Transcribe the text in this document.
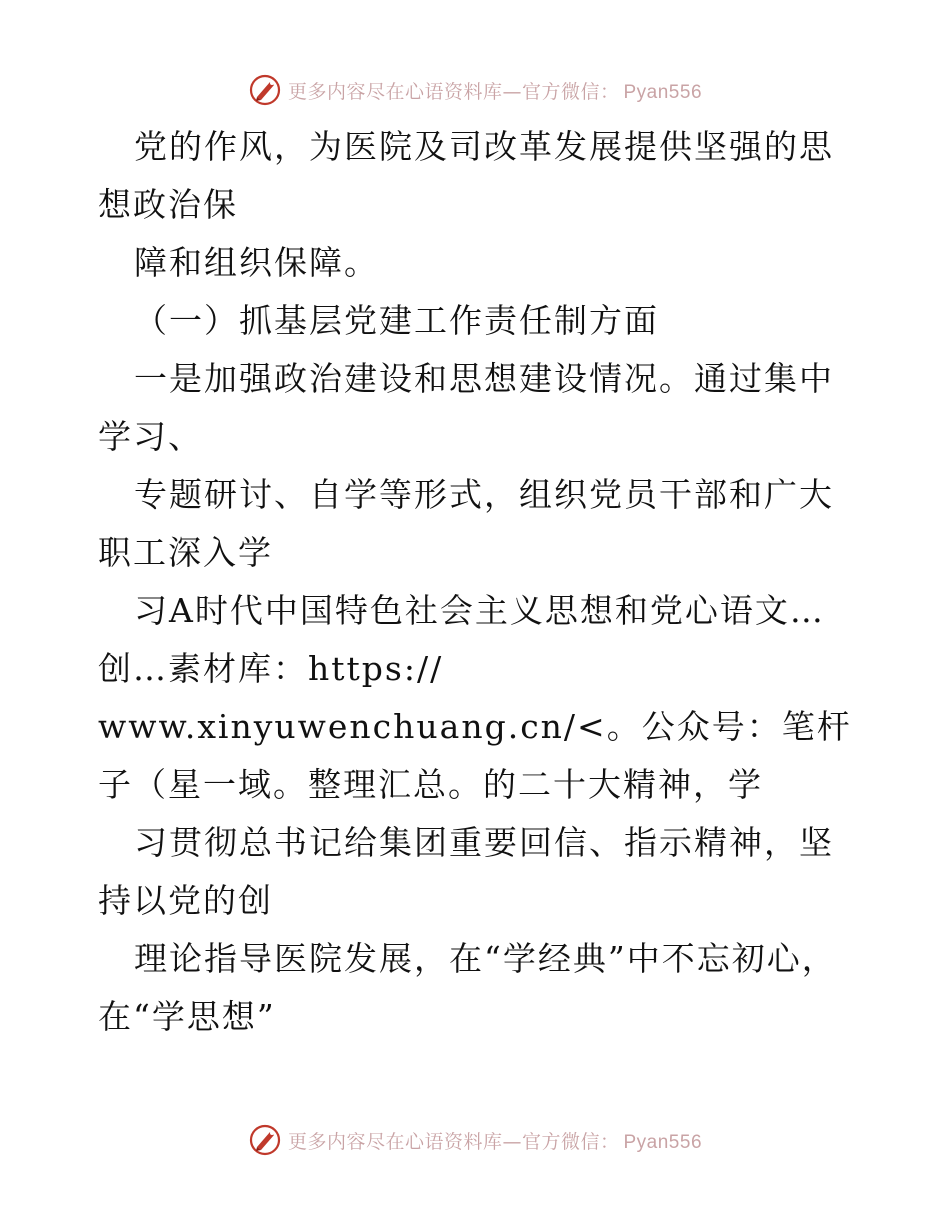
更多内容尽在心语资料库—官方微信： Pyan556

党的作风，为医院及司改革发展提供坚强的思想政治保

障和组织保障。

（一）抓基层党建工作责任制方面

一是加强政治建设和思想建设情况。通过集中学习、

专题研讨、自学等形式，组织党员干部和广大职工深入学

习A时代中国特色社会主义思想和党心语文…创…素材库：https://

www.xinyuwenchuang.cn/<。公众号：笔杆子（星一域。整理汇总。的二十大精神，学

习贯彻总书记给集团重要回信、指示精神，坚持以党的创

理论指导医院发展，在“学经典”中不忘初心，在“学思想”

更多内容尽在心语资料库—官方微信： Pyan556
